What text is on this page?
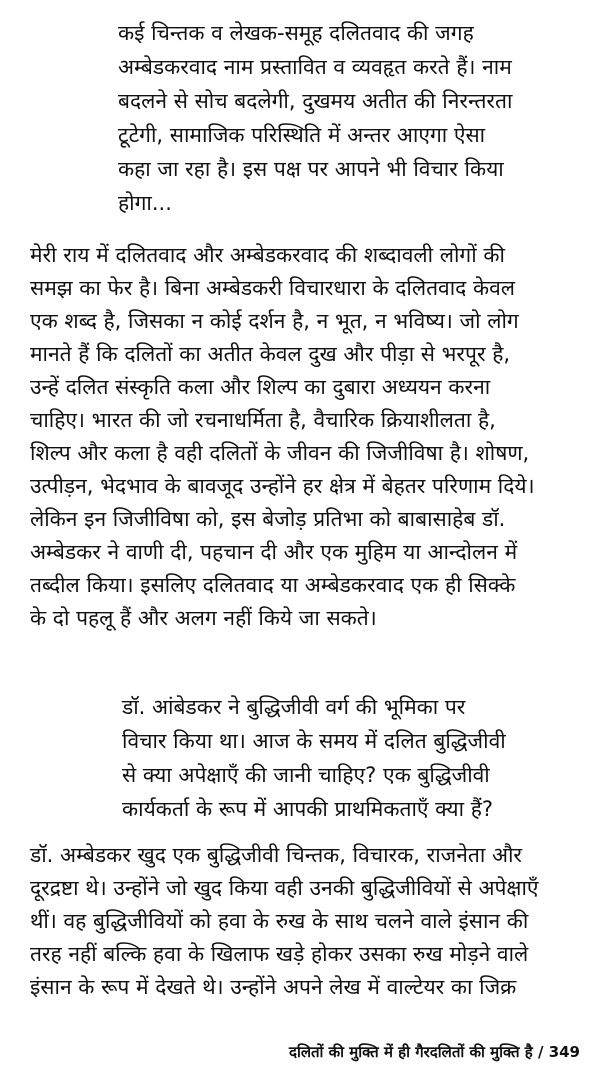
कई चिन्तक व लेखक-समूह दलितवाद की जगह
अम्बेडकरवाद नाम प्रस्तावित व व्यवहृत करते हैं। नाम
बदलने से सोच बदलेगी, दुखमय अतीत की निरन्तरता
टूटेगी, सामाजिक परिस्थिति में अन्तर आएगा ऐसा
कहा जा रहा है। इस पक्ष पर आपने भी विचार किया
होगा...
मेरी राय में दलितवाद और अम्बेडकरवाद की शब्दावली लोगों की
समझ का फेर है। बिना अम्बेडकरी विचारधारा के दलितवाद केवल
एक शब्द है, जिसका न कोई दर्शन है, न भूत, न भविष्य। जो लोग
मानते हैं कि दलितों का अतीत केवल दुख और पीड़ा से भरपूर है,
उन्हें दलित संस्कृति कला और शिल्प का दुबारा अध्ययन करना
चाहिए। भारत की जो रचनाधर्मिता है, वैचारिक क्रियाशीलता है,
शिल्प और कला है वही दलितों के जीवन की जिजीविषा है। शोषण,
उत्पीड़न, भेदभाव के बावजूद उन्होंने हर क्षेत्र में बेहतर परिणाम दिये।
लेकिन इन जिजीविषा को, इस बेजोड़ प्रतिभा को बाबासाहेब डॉ.
अम्बेडकर ने वाणी दी, पहचान दी और एक मुहिम या आन्दोलन में
तब्दील किया। इसलिए दलितवाद या अम्बेडकरवाद एक ही सिक्के
के दो पहलू हैं और अलग नहीं किये जा सकते।
डॉ. आंबेडकर ने बुद्धिजीवी वर्ग की भूमिका पर
विचार किया था। आज के समय में दलित बुद्धिजीवी
से क्या अपेक्षाएँ की जानी चाहिए? एक बुद्धिजीवी
कार्यकर्ता के रूप में आपकी प्राथमिकताएँ क्या हैं?
डॉ. अम्बेडकर खुद एक बुद्धिजीवी चिन्तक, विचारक, राजनेता और
दूरद्रष्टा थे। उन्होंने जो खुद किया वही उनकी बुद्धिजीवियों से अपेक्षाएँ
थीं। वह बुद्धिजीवियों को हवा के रुख के साथ चलने वाले इंसान की
तरह नहीं बल्कि हवा के खिलाफ खड़े होकर उसका रुख मोड़ने वाले
इंसान के रूप में देखते थे। उन्होंने अपने लेख में वाल्टेयर का जिक्र
दलितों की मुक्ति में ही गैरदलितों की मुक्ति है / 349
